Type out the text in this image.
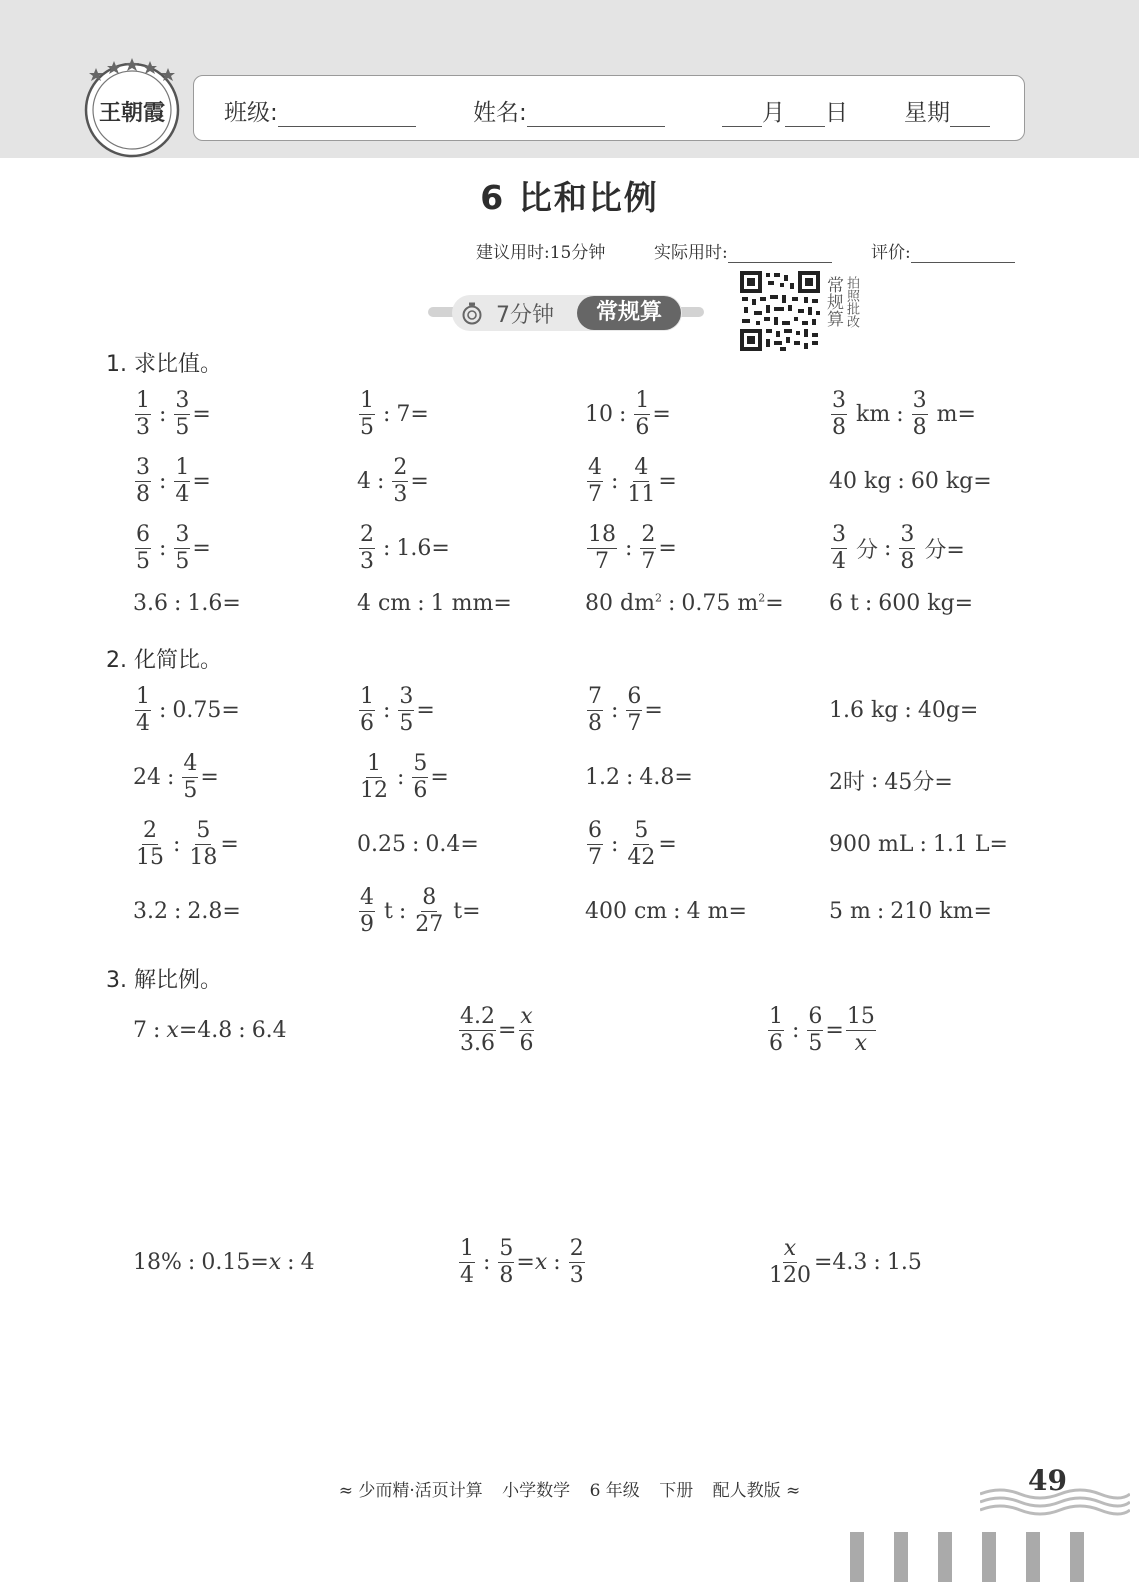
王朝霞	班级:	姓名:	月 日 星期
6 比和比例
建议用时:15分钟	实际用时:	评价:
7分钟	常规算	常规算 拍照批改
1. 求比值。
$\frac{1}{3}$ : $\frac{3}{5}$ =	$\frac{1}{5}$ : 7=	10 : $\frac{1}{6}$ =	$\frac{3}{8}$ km : $\frac{3}{8} m=$
$\frac{3}{8}$ : $\frac{1}{4}$ =	4 : $\frac{2}{3}$ =	$\frac{4}{7}$ : $\frac{4}{11}$ =	40 kg : 60 kg=
$\frac{6}{5}$ : $\frac{3}{5}$ =	$\frac{2}{3}$ : 1.6=	$\frac{18}{7}$ : $\frac{2}{7}$ =	$\frac{3}{4}$ 分 : $\frac{3}{8}$ 分=
3.6 : 1.6=	4 cm : 1 mm=	80 $dm^2$ : 0.75 $m^2= 6$ t : 600 kg=
2. 化简比。
$\frac{1}{4}$ : 0.75=	$\frac{1}{6}$ : $\frac{3}{5}$ =	$\frac{7}{8}$ : $\frac{6}{7}$ =	1.6 kg : 40g=
24 : $\frac{4}{5}$ =	$\frac{1}{12}$ : $\frac{5}{6}$ =	1.2 : 4.8=	2时 : 45分=
$\frac{2}{15}$ : $\frac{5}{18}$ =	0.25 : 0.4=	$\frac{6}{7}$ : $\frac{5}{42}$ =	900 mL : 1.1 L=
3.2 : 2.8=	$\frac{4}{9}$ t : $\frac{8}{27} t=$	400 cm : 4 m=	5 m : 210 km=
3. 解比例。
7 : x =4.8 : 6.4	$\frac{4.2}{3.6} = \frac{x}{6}$	$\frac{1}{6}$ : $\frac{6}{5} = \frac{15}{x}$
18% : 0.15= x : 4	$\frac{1}{4}$ : $\frac{5}{8} = x$ : $\frac{2}{3}$	$\frac{x}{120} =4.3$ : 1.5
≈ 少而精·活页计算 小学数学 6 年级 下册 配人教版 ≈	49
